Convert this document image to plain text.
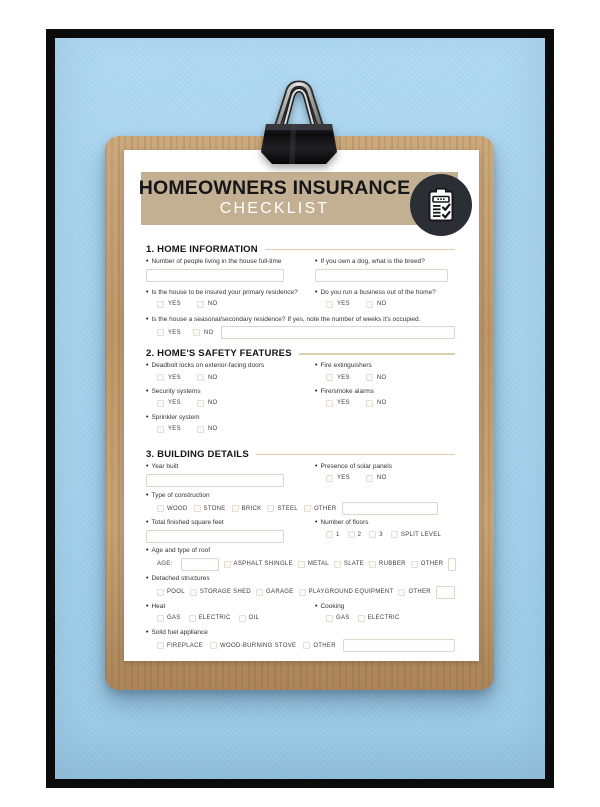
HOMEOWNERS INSURANCE
CHECKLIST
1. HOME INFORMATION
• Number of people living in the house full-time
• Is the house to be insured your primary residence?
YES	NO
• If you own a dog, what is the breed?
• Do you run a business out of the home?
YES	NO
• Is the house a seasonal/secondary residence? If yes, note the number of weeks it's occupied.
YES	NO
2. HOME'S SAFETY FEATURES
• Deadbolt locks on exterior-facing doors
YES	NO
• Security systems
YES	NO
• Sprinkler system
YES	NO
• Fire extinguishers
YES	NO
• Fire/smoke alarms
YES	NO
3. BUILDING DETAILS
• Year built	• Presence of solar panels
YES	NO
• Type of construction
WOOD	STONE	BRICK	STEEL	OTHER
• Total finished square feet	• Number of floors
1	2	3	SPLIT LEVEL
• Age and type of roof
AGE:	ASPHALT SHINGLE	METAL	SLATE	RUBBER	OTHER
• Detached structures
POOL	STORAGE SHED	GARAGE	PLAYGROUND EQUIPMENT	OTHER
• Heat
GAS	ELECTRIC	OIL
• Cooking
GAS	ELECTRIC
• Solid fuel appliance
FIREPLACE	WOOD-BURNING STOVE	OTHER
